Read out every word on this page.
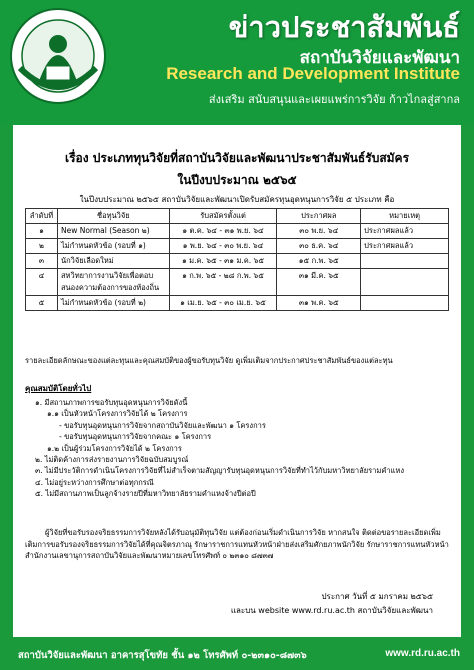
ข่าวประชาสัมพันธ์
สถาบันวิจัยและพัฒนา
Research and Development Institute
ส่งเสริม สนับสนุนและเผยแพร่การวิจัย ก้าวไกลสู่สากล
เรื่อง ประเภททุนวิจัยที่สถาบันวิจัยและพัฒนาประชาสัมพันธ์รับสมัคร
ในปีงบประมาณ ๒๕๖๕
ในปีงบประมาณ ๒๕๖๕ สถาบันวิจัยและพัฒนาเปิดรับสมัครทุนอุดหนุนการวิจัย ๕ ประเภท คือ
ลำดับที่	ชื่อทุนวิจัย	รับสมัครตั้งแต่	ประกาศผล	หมายเหตุ
๑	New Normal (Season ๒)	๑ ต.ค. ๖๔ - ๓๑ พ.ย. ๖๔	๓๐ พ.ย. ๖๔	ประกาศผลแล้ว
๒	ไม่กำหนดหัวข้อ (รอบที่ ๑)	๑ พ.ย. ๖๔ - ๓๐ พ.ย. ๖๔	๓๐ ธ.ค. ๖๔	ประกาศผลแล้ว
๓	นักวิจัยเลือดใหม่	๑ ม.ค. ๖๕ - ๓๑ ม.ค. ๖๕	๑๕ ก.พ. ๖๕	
๔	สหวิทยาการงานวิจัยเพื่อตอบสนองความต้องการของท้องถิ่น	๑ ก.พ. ๖๕ - ๒๘ ก.พ. ๖๕	๓๑ มี.ค. ๖๕	
๕	ไม่กำหนดหัวข้อ (รอบที่ ๒)	๑ เม.ย. ๖๕ - ๓๐ เม.ย. ๖๕	๓๑ พ.ค. ๖๕	
รายละเอียดลักษณะของแต่ละทุนและคุณสมบัติของผู้ขอรับทุนวิจัย ดูเพิ่มเติมจากประกาศประชาสัมพันธ์ของแต่ละทุน
คุณสมบัติโดยทั่วไป
๑. มีสถานภาพการขอรับทุนอุดหนุนการวิจัยดังนี้
๑.๑ เป็นหัวหน้าโครงการวิจัยได้ ๒ โครงการ
- ขอรับทุนอุดหนุนการวิจัยจากสถาบันวิจัยและพัฒนา ๑ โครงการ
- ขอรับทุนอุดหนุนการวิจัยจากคณะ ๑ โครงการ
๑.๒ เป็นผู้ร่วมโครงการวิจัยได้ ๒ โครงการ
๒. ไม่ติดค้างการส่งรายงานการวิจัยฉบับสมบูรณ์
๓. ไม่มีประวัติการดำเนินโครงการวิจัยที่ไม่สำเร็จตามสัญญารับทุนอุดหนุนการวิจัยที่ทำไว้กับมหาวิทยาลัยรามคำแหง
๔. ไม่อยู่ระหว่างการศึกษาต่อทุกกรณี
๕. ไม่มีสถานภาพเป็นลูกจ้างรายปีที่มหาวิทยาลัยรามคำแหงจ้างปีต่อปี
ผู้วิจัยที่ขอรับรองจริยธรรมการวิจัยหลังได้รับอนุมัติทุนวิจัย แต่ต้องก่อนเริ่มดำเนินการวิจัย หากสนใจ ติดต่อขอรายละเอียดเพิ่มเติมการขอรับรองจริยธรรมการวิจัยได้ที่คุณจิตรภาณุ รักษาราชการแทนหัวหน้าฝ่ายส่งเสริมศักยภาพนักวิจัย รักษาราชการแทนหัวหน้าสำนักงานเลขานุการสถาบันวิจัยและพัฒนาหมายเลขโทรศัพท์ ๐ ๒๓๑๐ ๘๗๓๗
ประกาศ วันที่ ๕ มกราคม ๒๕๖๕
และบน website www.rd.ru.ac.th สถาบันวิจัยและพัฒนา
สถาบันวิจัยและพัฒนา อาคารสุโขทัย ชั้น ๑๒ โทรศัพท์ ๐-๒๓๑๐-๘๗๓๖	www.rd.ru.ac.th
